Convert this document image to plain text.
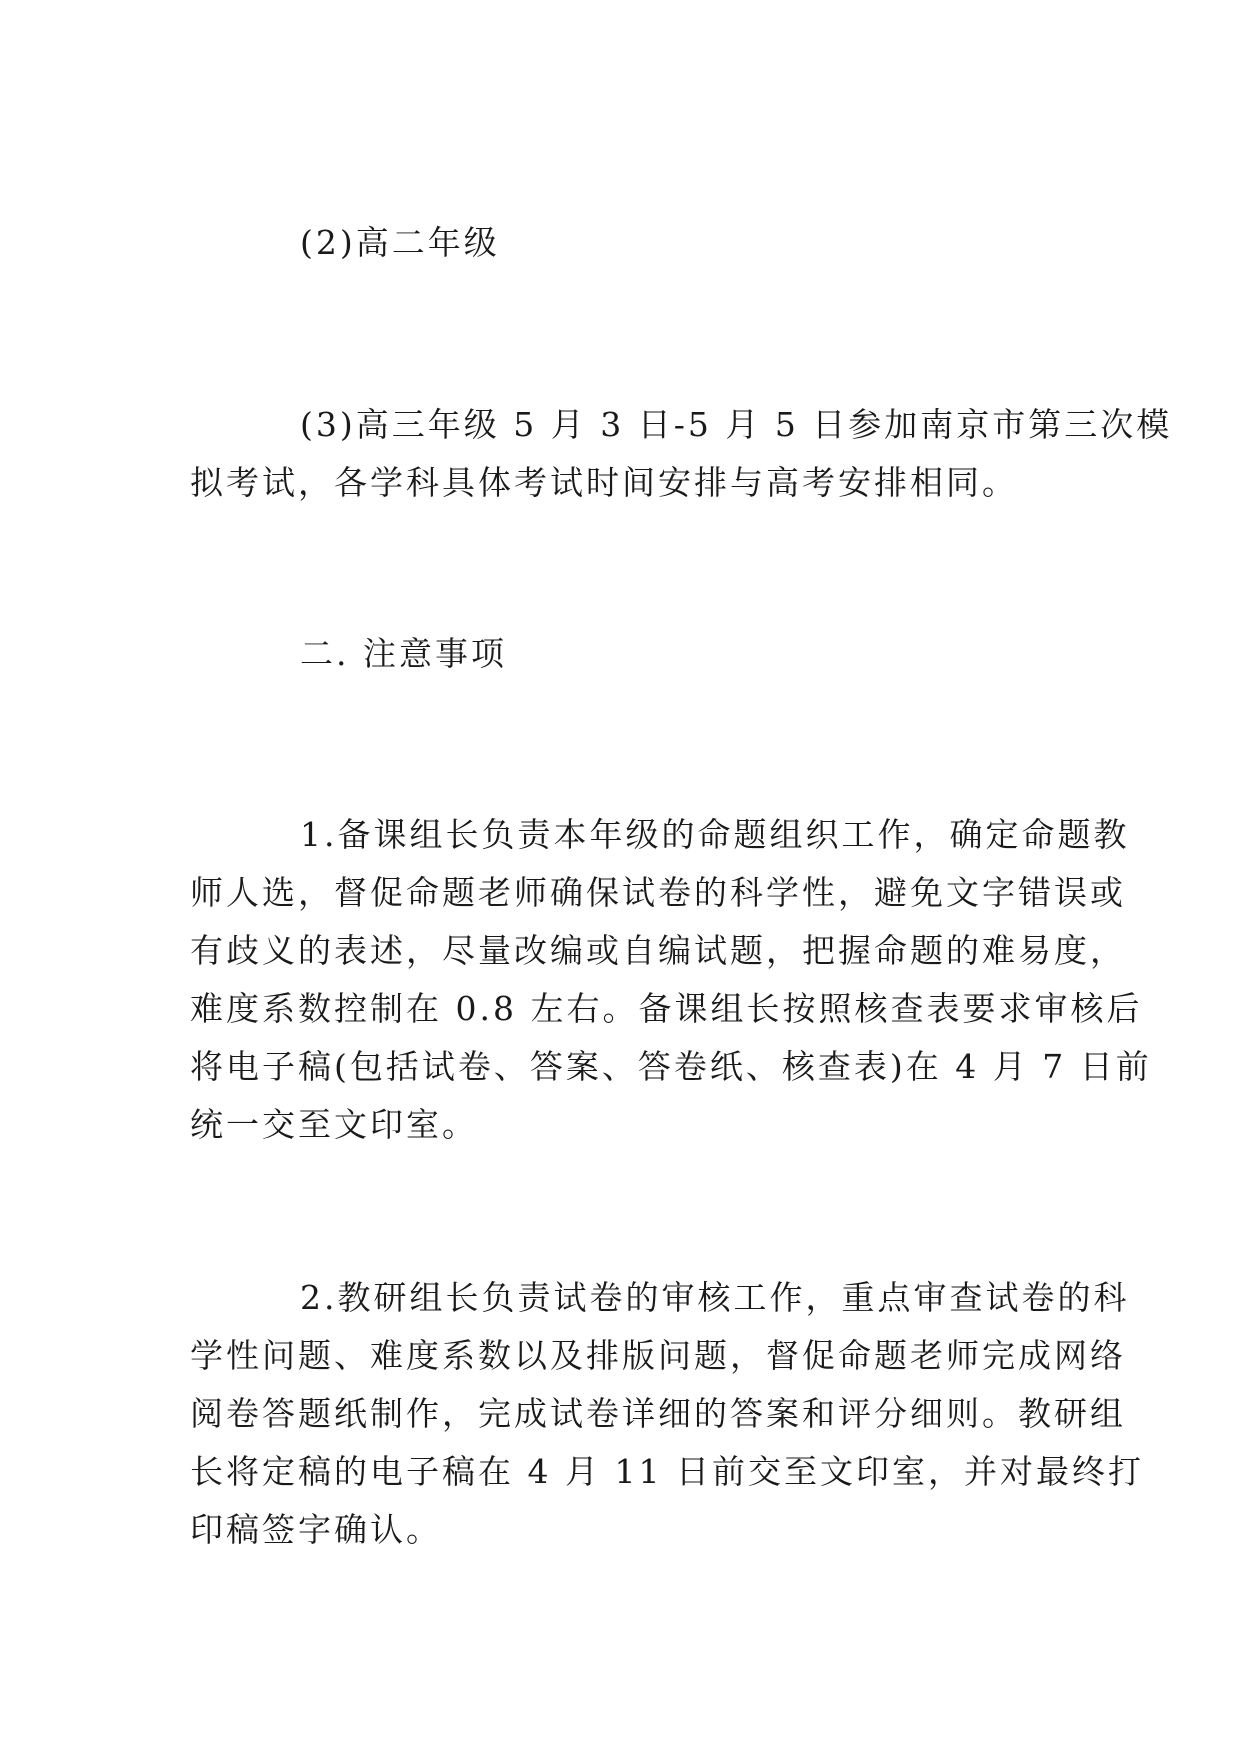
(2)高二年级
(3)高三年级 5 月 3 日-5 月 5 日参加南京市第三次模
拟考试，各学科具体考试时间安排与高考安排相同。
二. 注意事项
1.备课组长负责本年级的命题组织工作，确定命题教
师人选，督促命题老师确保试卷的科学性，避免文字错误或
有歧义的表述，尽量改编或自编试题，把握命题的难易度，
难度系数控制在 0.8 左右。备课组长按照核查表要求审核后
将电子稿(包括试卷、答案、答卷纸、核查表)在 4 月 7 日前
统一交至文印室。
2.教研组长负责试卷的审核工作，重点审查试卷的科
学性问题、难度系数以及排版问题，督促命题老师完成网络
阅卷答题纸制作，完成试卷详细的答案和评分细则。教研组
长将定稿的电子稿在 4 月 11 日前交至文印室，并对最终打
印稿签字确认。
